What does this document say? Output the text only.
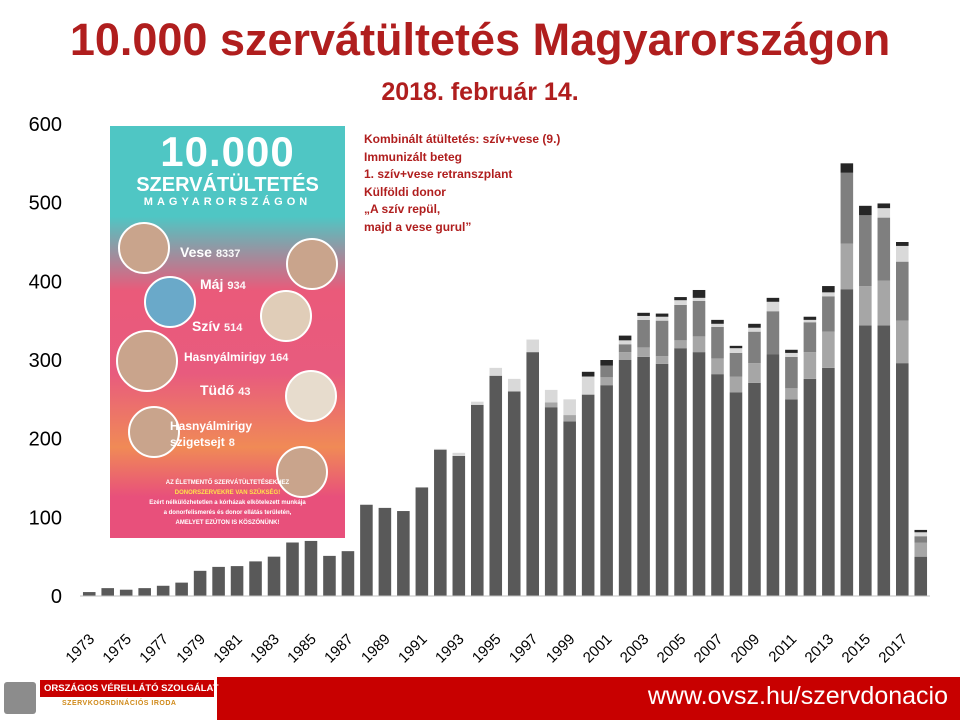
10.000 szervátültetés Magyarországon
2018. február 14.
0
100
200
300
400
500
600
1973 1975 1977 1979 1981 1983 1985 1987 1989 1991 1993 1995 1997 1999 2001 2003 2005 2007 2009 2011 2013 2015 2017
10.000
SZERVÁTÜLTETÉS
MAGYARORSZÁGON
Vese 8337
Máj 934
Szív 514
Hasnyálmirigy 164
Tüdő 43
Hasnyálmirigy szigetsejt 8
AZ ÉLETMENTŐ SZERVÁTÜLTETÉSEKHEZ
DONORSZERVEKRE VAN SZÜKSÉG!
Ezért nélkülözhetetlen a kórházak elkötelezett munkája
a donorfelismerés és donor ellátás területén,
AMELYET EZÚTON IS KÖSZÖNÜNK!
Kombinált átültetés: szív+vese (9.)
Immunizált beteg
1. szív+vese retranszplant
Külföldi donor
„A szív repül,
majd a vese gurul”
ORSZÁGOS VÉRELLÁTÓ SZOLGÁLAT
SZERVKOORDINÁCIÓS IRODA	www.ovsz.hu/szervdonacio
